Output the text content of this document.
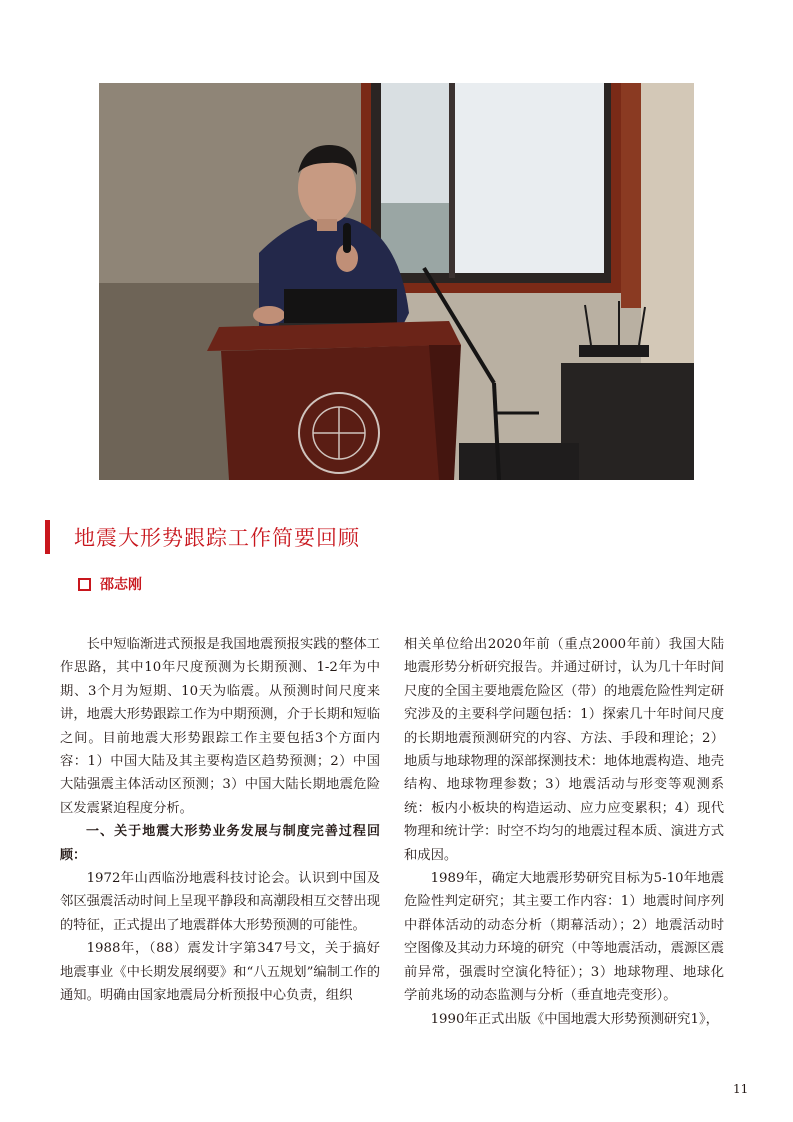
地震大形势跟踪工作简要回顾
邵志刚

长中短临渐进式预报是我国地震预报实践的整体工作思路，其中10年尺度预测为长期预测、1-2年为中期、3个月为短期、10天为临震。从预测时间尺度来讲，地震大形势跟踪工作为中期预测，介于长期和短临之间。目前地震大形势跟踪工作主要包括3个方面内容：1）中国大陆及其主要构造区趋势预测；2）中国大陆强震主体活动区预测；3）中国大陆长期地震危险区发震紧迫程度分析。

一、关于地震大形势业务发展与制度完善过程回顾：

1972年山西临汾地震科技讨论会。认识到中国及邻区强震活动时间上呈现平静段和高潮段相互交替出现的特征，正式提出了地震群体大形势预测的可能性。

1988年，（88）震发计字第347号文，关于搞好地震事业《中长期发展纲要》和“八五规划”编制工作的通知。明确由国家地震局分析预报中心负责，组织

相关单位给出2020年前（重点2000年前）我国大陆地震形势分析研究报告。并通过研讨，认为几十年时间尺度的全国主要地震危险区（带）的地震危险性判定研究涉及的主要科学问题包括：1）探索几十年时间尺度的长期地震预测研究的内容、方法、手段和理论；2）地质与地球物理的深部探测技术：地体地震构造、地壳结构、地球物理参数；3）地震活动与形变等观测系统：板内小板块的构造运动、应力应变累积；4）现代物理和统计学：时空不均匀的地震过程本质、演进方式和成因。

1989年，确定大地震形势研究目标为5-10年地震危险性判定研究；其主要工作内容：1）地震时间序列中群体活动的动态分析（期幕活动）；2）地震活动时空图像及其动力环境的研究（中等地震活动，震源区震前异常，强震时空演化特征）；3）地球物理、地球化学前兆场的动态监测与分析（垂直地壳变形）。

1990年正式出版《中国地震大形势预测研究1》，

11
